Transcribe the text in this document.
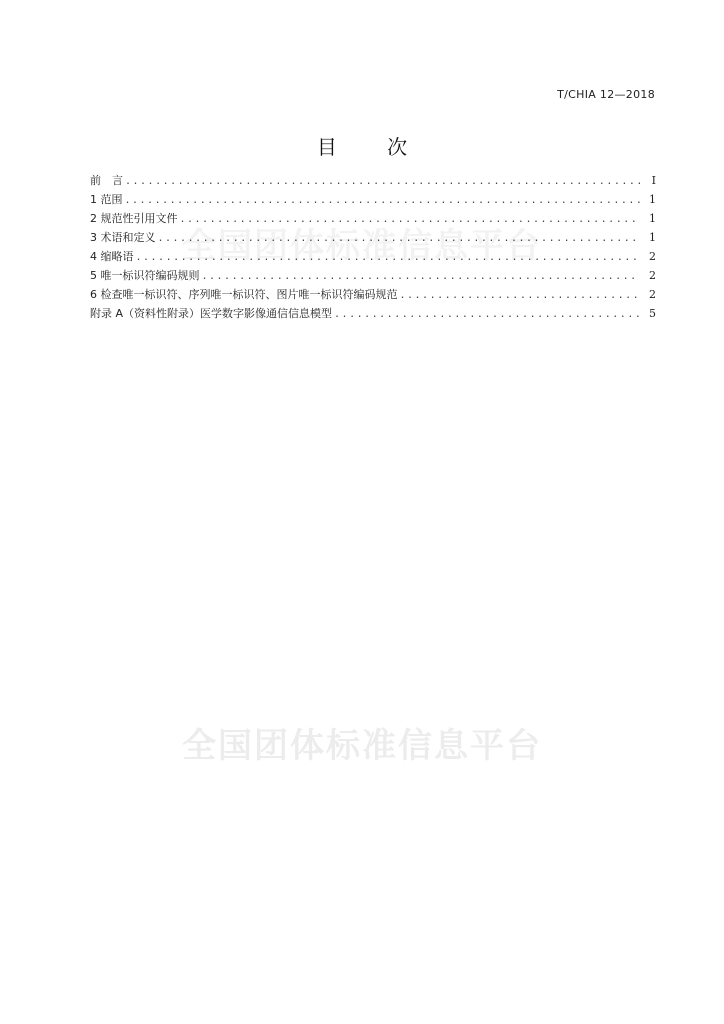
T/CHIA 12—2018
目 次
全国团体标准信息平台
全国团体标准信息平台
前　言 .....	I
1 范围 .....	1
2 规范性引用文件 .....	1
3 术语和定义 .....	1
4 缩略语 .....	2
5 唯一标识符编码规则 .....	2
6 检查唯一标识符、序列唯一标识符、图片唯一标识符编码规范 .....	2
附录 A（资料性附录）医学数字影像通信信息模型 .....	5
